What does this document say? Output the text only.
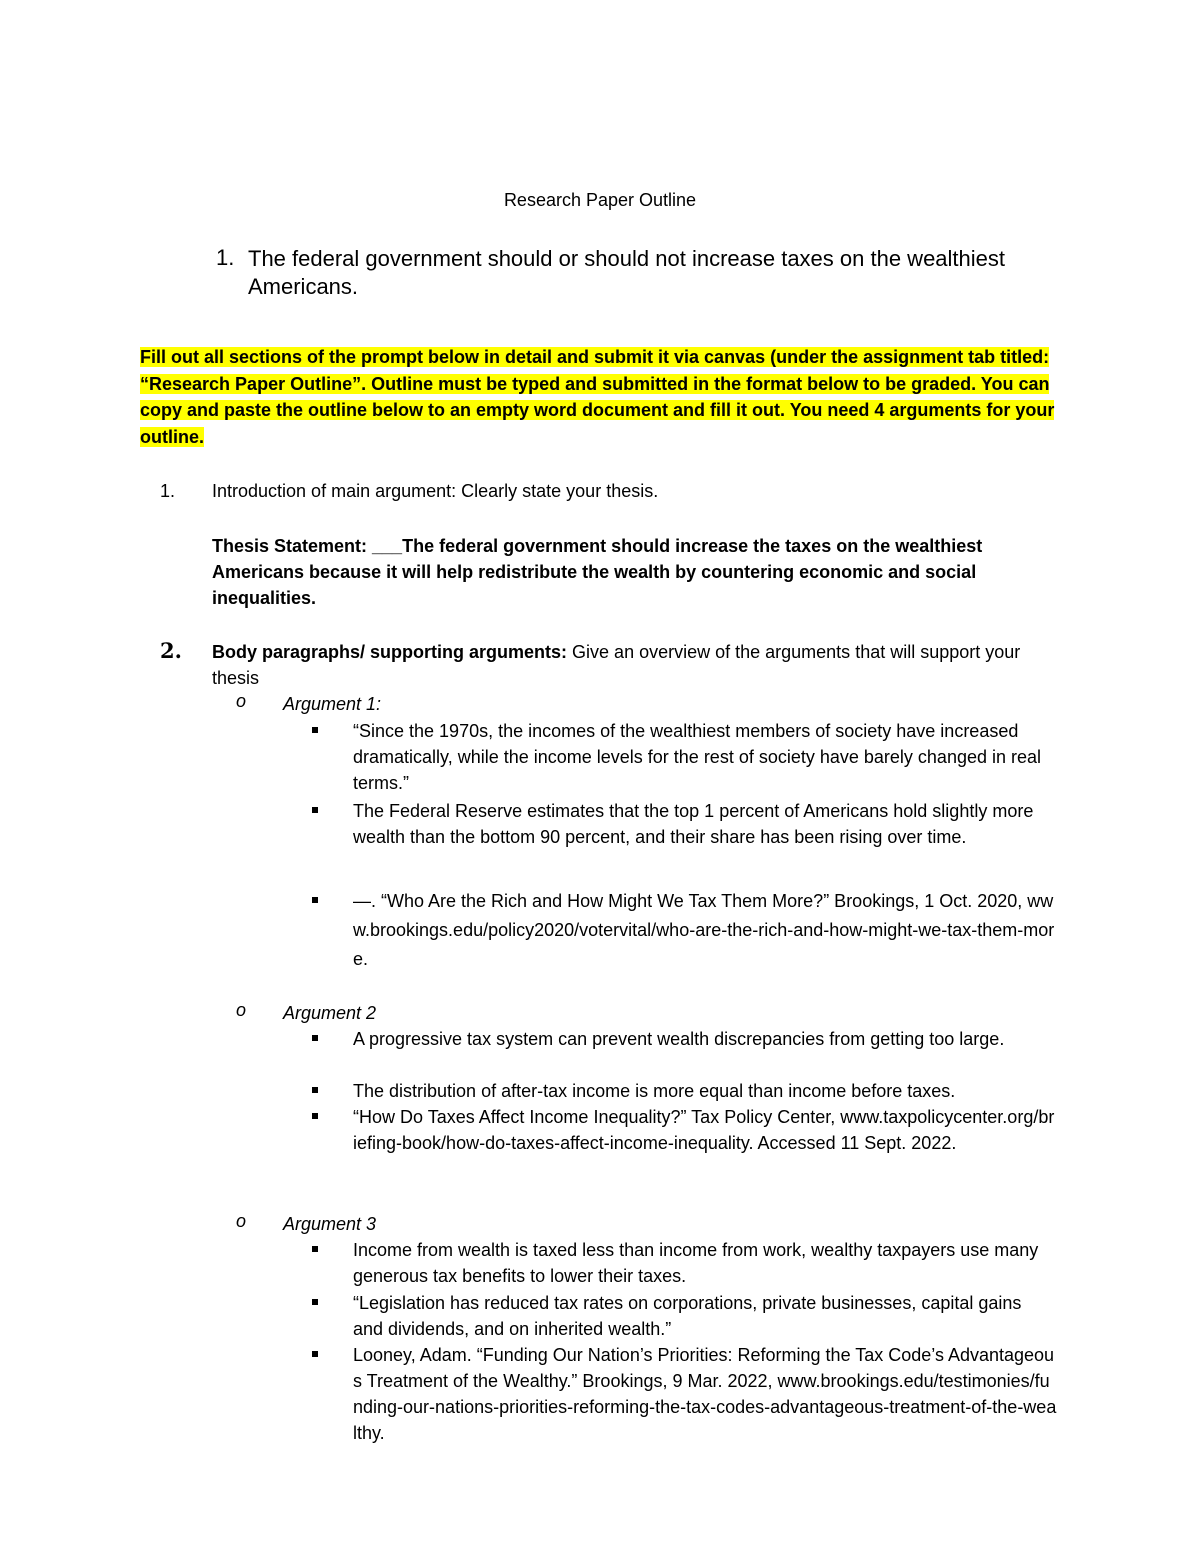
Research Paper Outline
1. The federal government should or should not increase taxes on the wealthiest Americans.
Fill out all sections of the prompt below in detail and submit it via canvas (under the assignment tab titled: “Research Paper Outline”. Outline must be typed and submitted in the format below to be graded. You can copy and paste the outline below to an empty word document and fill it out. You need 4 arguments for your outline.
1. Introduction of main argument: Clearly state your thesis.
Thesis Statement: ___The federal government should increase the taxes on the wealthiest Americans because it will help redistribute the wealth by countering economic and social inequalities.
2. Body paragraphs/ supporting arguments: Give an overview of the arguments that will support your thesis
o Argument 1:
“Since the 1970s, the incomes of the wealthiest members of society have increased dramatically, while the income levels for the rest of society have barely changed in real terms.”
The Federal Reserve estimates that the top 1 percent of Americans hold slightly more wealth than the bottom 90 percent, and their share has been rising over time.
—. “Who Are the Rich and How Might We Tax Them More?” Brookings, 1 Oct. 2020, www.brookings.edu/policy2020/votervital/who-are-the-rich-and-how-might-we-tax-them-more.
o Argument 2
A progressive tax system can prevent wealth discrepancies from getting too large.
The distribution of after-tax income is more equal than income before taxes.
“How Do Taxes Affect Income Inequality?” Tax Policy Center, www.taxpolicycenter.org/briefing-book/how-do-taxes-affect-income-inequality. Accessed 11 Sept. 2022.
o Argument 3
Income from wealth is taxed less than income from work, wealthy taxpayers use many generous tax benefits to lower their taxes.
“Legislation has reduced tax rates on corporations, private businesses, capital gains and dividends, and on inherited wealth.”
Looney, Adam. “Funding Our Nation’s Priorities: Reforming the Tax Code’s Advantageous Treatment of the Wealthy.” Brookings, 9 Mar. 2022, www.brookings.edu/testimonies/funding-our-nations-priorities-reforming-the-tax-codes-advantageous-treatment-of-the-wealthy.
